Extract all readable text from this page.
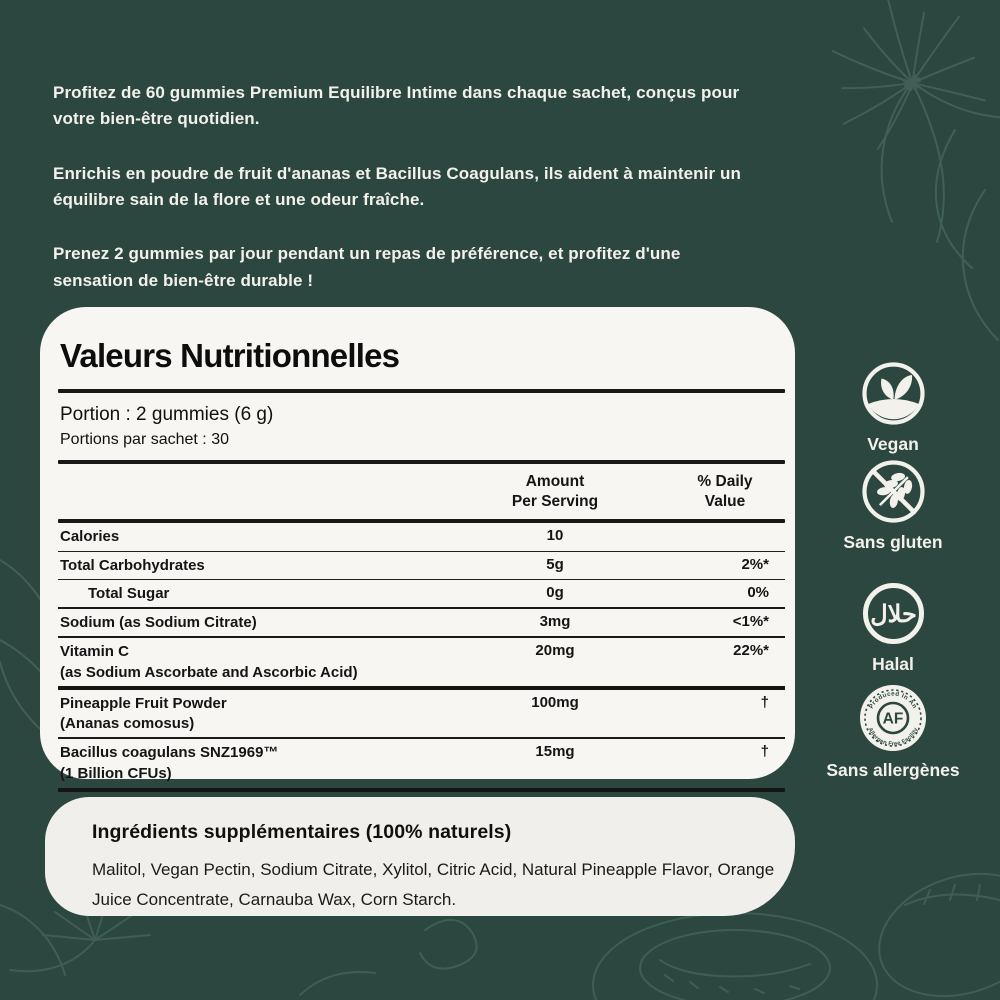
Profitez de 60 gummies Premium Equilibre Intime dans chaque sachet, conçus pour
votre bien-être quotidien.
Enrichis en poudre de fruit d'ananas et Bacillus Coagulans, ils aident à maintenir un
équilibre sain de la flore et une odeur fraîche.
Prenez 2 gummies par jour pendant un repas de préférence, et profitez d'une
sensation de bien-être durable !
Valeurs Nutritionnelles
Portion : 2 gummies (6 g)
Portions par sachet : 30
Amount
Per Serving
% Daily
Value
Calories	10
Total Carbohydrates	5g	2%*
Total Sugar	0g	0%
Sodium (as Sodium Citrate)	3mg	<1%*
Vitamin C
(as Sodium Ascorbate and Ascorbic Acid)
20mg	22%*
Pineapple Fruit Powder
(Ananas comosus)
100mg	†
Bacillus coagulans SNZ1969™
(1 Billion CFUs)
15mg	†
Vegan
Sans gluten
حلال
Halal
AF
Produced In An
Allergen Free Facility
Sans allergènes
Ingrédients supplémentaires (100% naturels)

Malitol, Vegan Pectin, Sodium Citrate, Xylitol, Citric Acid, Natural Pineapple Flavor, Orange Juice Concentrate, Carnauba Wax, Corn Starch.
